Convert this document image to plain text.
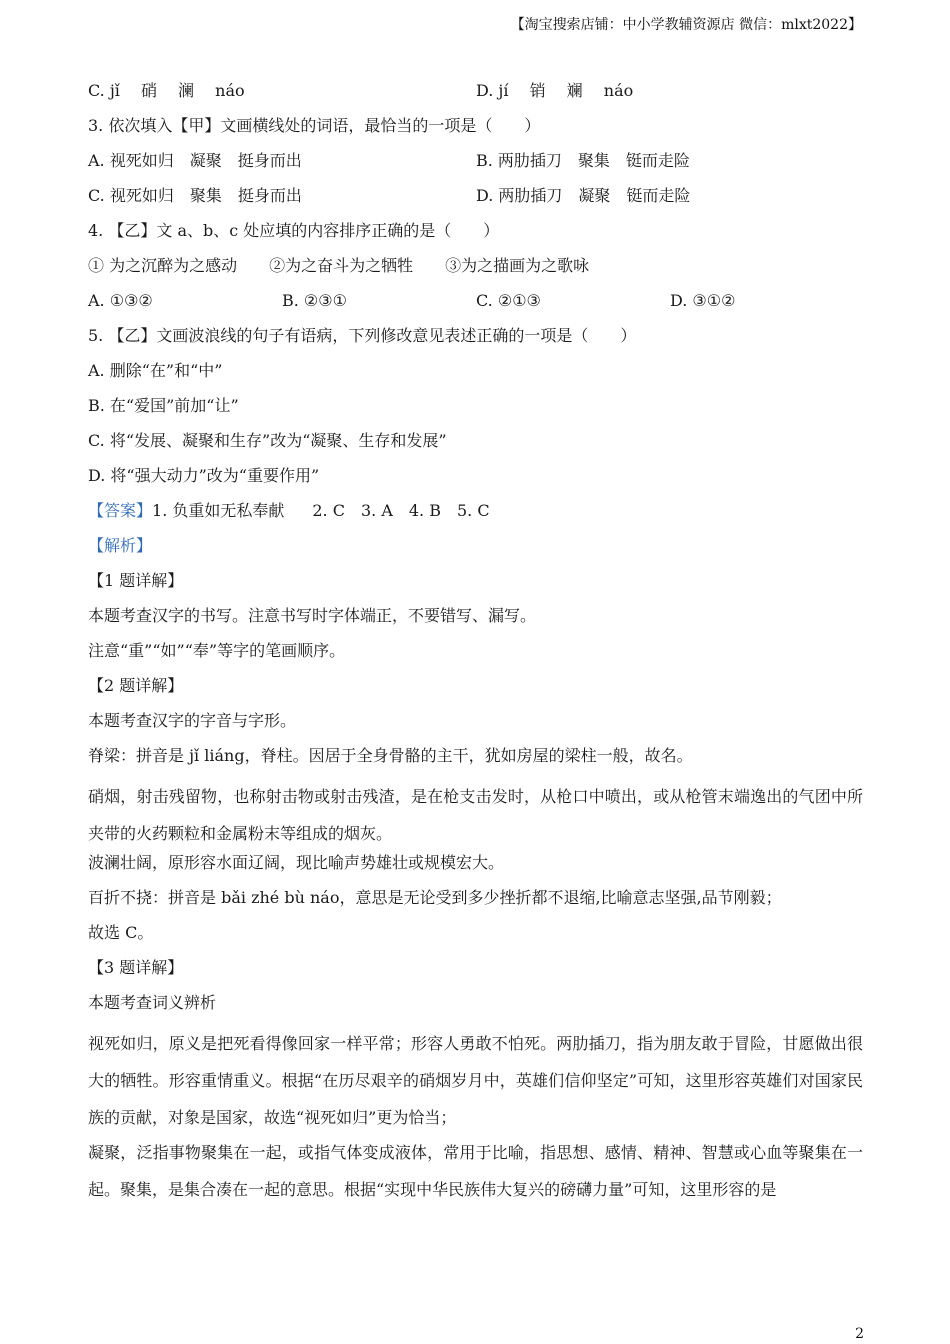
【淘宝搜索店铺：中小学教辅资源店 微信：mlxt2022】
C. jǐ　 硝　 澜　 náo	D. jí　 销　 斓　 náo
3. 依次填入【甲】文画横线处的词语，最恰当的一项是（　　）
A. 视死如归　凝聚　挺身而出	B. 两肋插刀　聚集　铤而走险
C. 视死如归　聚集　挺身而出	D. 两肋插刀　凝聚　铤而走险
4. 【乙】文 a、b、c 处应填的内容排序正确的是（　　）
① 为之沉醉为之感动　　②为之奋斗为之牺牲　　③为之描画为之歌咏
A. ①③②	B. ②③①	C. ②①③	D. ③①②
5. 【乙】文画波浪线的句子有语病，下列修改意见表述正确的一项是（　　）
A. 删除“在”和“中”
B. 在“爱国”前加“让”
C. 将“发展、凝聚和生存”改为“凝聚、生存和发展”
D. 将“强大动力”改为“重要作用”
【答案】1. 负重如无私奉献 2. C　3. A　4. B　5. C
【解析】
【1 题详解】
本题考查汉字的书写。注意书写时字体端正，不要错写、漏写。
注意“重”“如”“奉”等字的笔画顺序。
【2 题详解】
本题考查汉字的字音与字形。
脊梁：拼音是 jǐ liáng，脊柱。因居于全身骨骼的主干，犹如房屋的梁柱一般，故名。

硝烟，射击残留物，也称射击物或射击残渣，是在枪支击发时，从枪口中喷出，或从枪管末端逸出的气团中所夹带的火药颗粒和金属粉末等组成的烟灰。

波澜壮阔，原形容水面辽阔，现比喻声势雄壮或规模宏大。
百折不挠：拼音是 bǎi zhé bù náo，意思是无论受到多少挫折都不退缩,比喻意志坚强,品节刚毅；
故选 C。
【3 题详解】
本题考查词义辨析

视死如归，原义是把死看得像回家一样平常；形容人勇敢不怕死。两肋插刀，指为朋友敢于冒险，甘愿做出很大的牺牲。形容重情重义。根据“在历尽艰辛的硝烟岁月中，英雄们信仰坚定”可知，这里形容英雄们对国家民族的贡献，对象是国家，故选“视死如归”更为恰当；

凝聚，泛指事物聚集在一起，或指气体变成液体，常用于比喻，指思想、感情、精神、智慧或心血等聚集在一起。聚集，是集合凑在一起的意思。根据“实现中华民族伟大复兴的磅礴力量”可知，这里形容的是

2
